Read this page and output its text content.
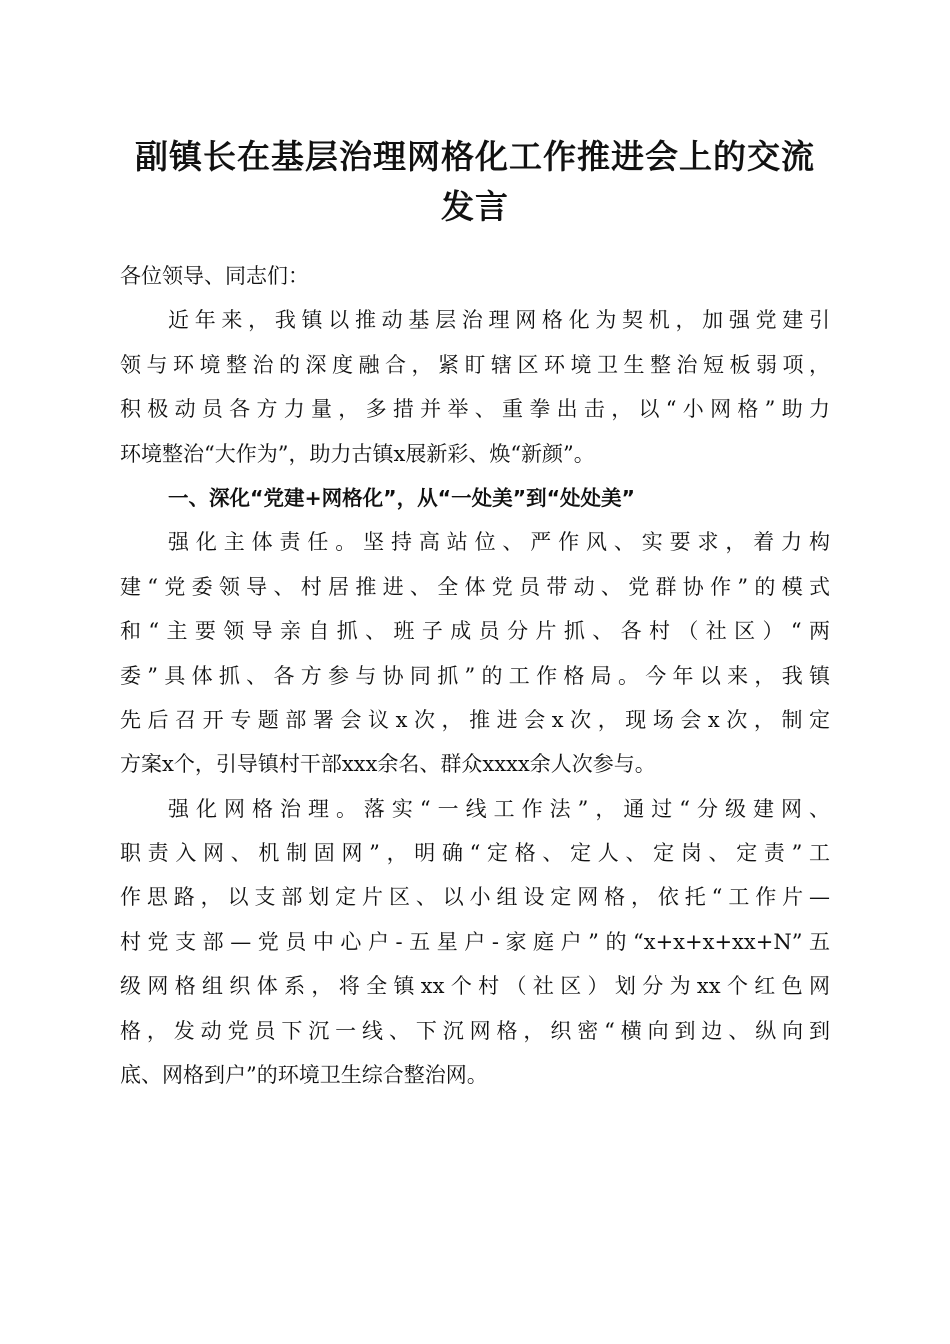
副镇长在基层治理网格化工作推进会上的交流
发言
各位领导、同志们：
近年来，我镇以推动基层治理网格化为契机，加强党建引
领与环境整治的深度融合，紧盯辖区环境卫生整治短板弱项，
积极动员各方力量，多措并举、重拳出击，以“小网格”助力
环境整治“大作为”，助力古镇x展新彩、焕“新颜”。
一、深化“党建+网格化”，从“一处美”到“处处美”
强化主体责任。坚持高站位、严作风、实要求，着力构
建“党委领导、村居推进、全体党员带动、党群协作”的模式
和“主要领导亲自抓、班子成员分片抓、各村（社区）“两
委”具体抓、各方参与协同抓”的工作格局。今年以来，我镇
先后召开专题部署会议x次，推进会x次，现场会x次，制定
方案x个，引导镇村干部xxx余名、群众xxxx余人次参与。
强化网格治理。落实“一线工作法”，通过“分级建网、
职责入网、机制固网”，明确“定格、定人、定岗、定责”工
作思路，以支部划定片区、以小组设定网格，依托“工作片—
村党支部—党员中心户-五星户-家庭户”的“x+x+x+xx+N”五
级网格组织体系，将全镇xx个村（社区）划分为xx个红色网
格，发动党员下沉一线、下沉网格，织密“横向到边、纵向到
底、网格到户”的环境卫生综合整治网。
